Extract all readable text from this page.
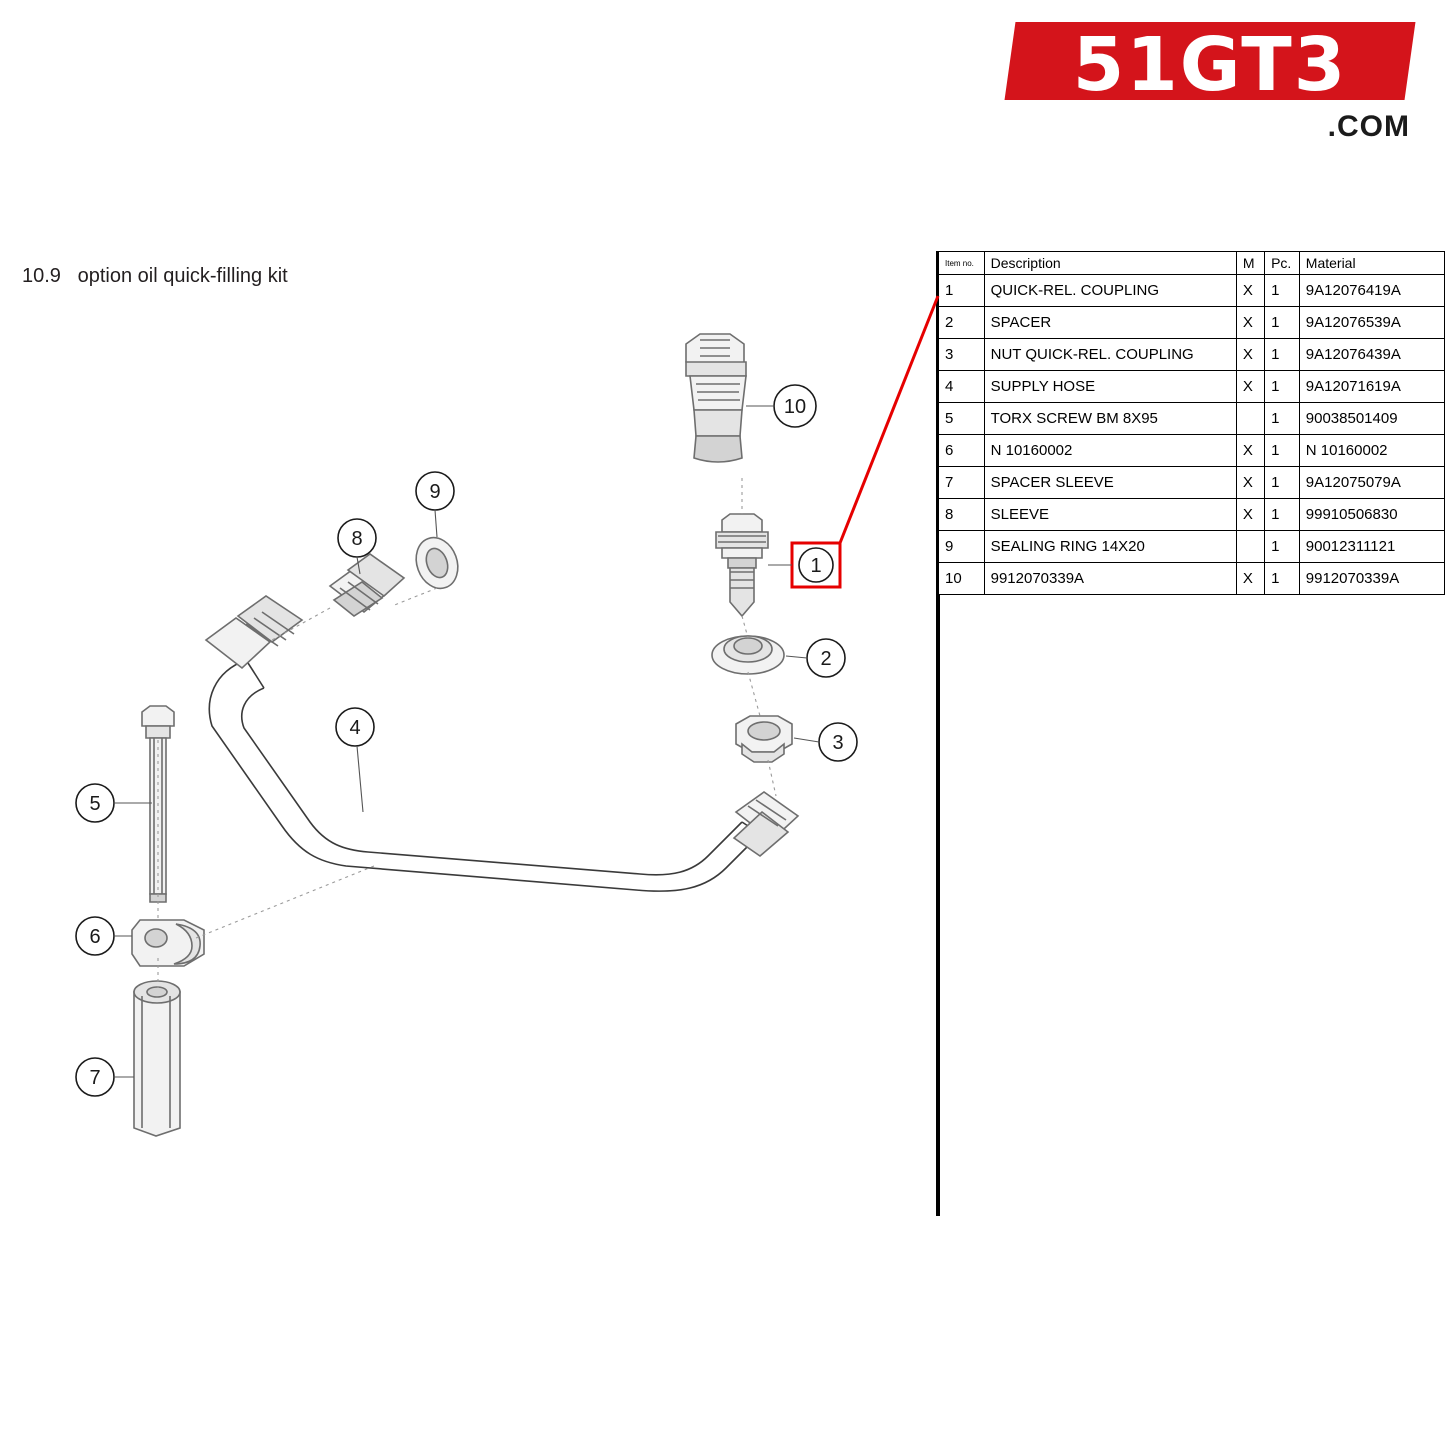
51GT3
.COM
10.9   option oil quick-filling kit
Item no.	Description	M	Pc.	Material
1	QUICK-REL. COUPLING	X	1	9A12076419A
2	SPACER	X	1	9A12076539A
3	NUT QUICK-REL. COUPLING	X	1	9A12076439A
4	SUPPLY HOSE	X	1	9A12071619A
5	TORX SCREW BM 8X95		1	90038501409
6	N 10160002	X	1	N 10160002
7	SPACER SLEEVE	X	1	9A12075079A
8	SLEEVE	X	1	99910506830
9	SEALING RING 14X20		1	90012311121
10	9912070339A	X	1	9912070339A
1
2
3
4
5
6
7
8
9
10
